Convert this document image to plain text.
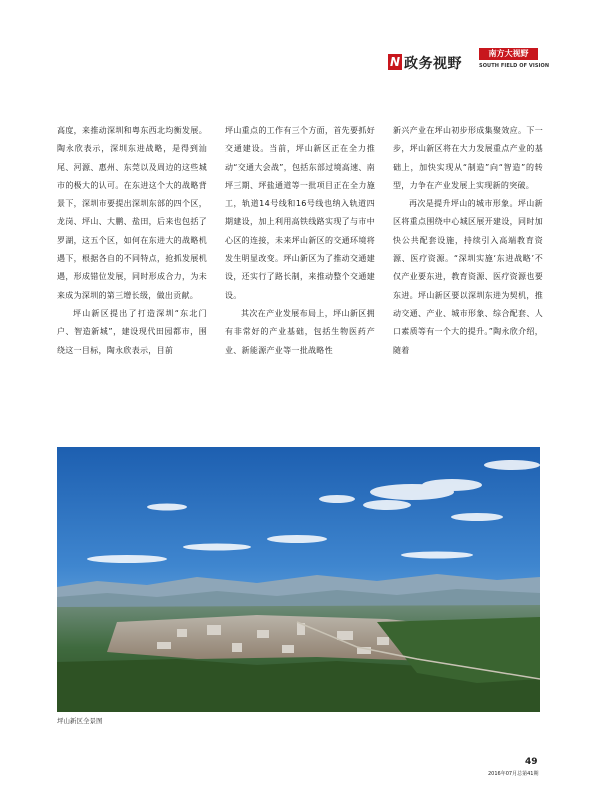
N 政务视野
南方大视野
SOUTH FIELD OF VISION

高度，来推动深圳和粤东西北均衡发展。陶永欣表示，深圳东进战略，是得到汕尾、河源、惠州、东莞以及周边的这些城市的极大的认可。在东进这个大的战略背景下，深圳市要提出深圳东部的四个区，龙岗、坪山、大鹏、盐田，后来也包括了罗湖，这五个区，如何在东进大的战略机遇下，根据各自的不同特点，抢抓发展机遇，形成错位发展，同时形成合力，为未来成为深圳的第三增长级，做出贡献。

坪山新区提出了打造深圳“东北门户、智造新城”，建设现代田园都市，围绕这一目标，陶永欣表示，目前

坪山重点的工作有三个方面，首先要抓好交通建设。当前，坪山新区正在全力推动“交通大会战”，包括东部过境高速、南坪三期、坪盐通道等一批项目正在全力施工，轨道14号线和16号线也纳入轨道四期建设，加上利用高铁线路实现了与市中心区的连接，未来坪山新区的交通环境将发生明显改变。坪山新区为了推动交通建设，还实行了路长制，来推动整个交通建设。

其次在产业发展布局上，坪山新区拥有非常好的产业基础，包括生物医药产业、新能源产业等一批战略性

新兴产业在坪山初步形成集聚效应。下一步，坪山新区将在大力发展重点产业的基础上，加快实现从“制造”向“智造”的转型，力争在产业发展上实现新的突破。

再次是提升坪山的城市形象。坪山新区将重点围绕中心城区展开建设，同时加快公共配套设施，持续引入高端教育资源、医疗资源。“深圳实施‘东进战略’不仅产业要东进，教育资源、医疗资源也要东进。坪山新区要以深圳东进为契机，推动交通、产业、城市形象、综合配套、人口素质等有一个大的提升。”陶永欣介绍，随着

坪山新区全景图
49
2016年07月总第41期
